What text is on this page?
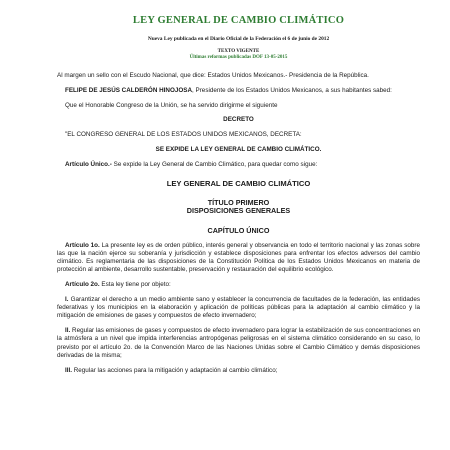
LEY GENERAL DE CAMBIO CLIMÁTICO
Nueva Ley publicada en el Diario Oficial de la Federación el 6 de junio de 2012
TEXTO VIGENTE
Últimas reformas publicadas DOF 13-05-2015

Al margen un sello con el Escudo Nacional, que dice: Estados Unidos Mexicanos.- Presidencia de la República.

FELIPE DE JESÚS CALDERÓN HINOJOSA, Presidente de los Estados Unidos Mexicanos, a sus habitantes sabed:

Que el Honorable Congreso de la Unión, se ha servido dirigirme el siguiente

DECRETO

"EL CONGRESO GENERAL DE LOS ESTADOS UNIDOS MEXICANOS, DECRETA:

SE EXPIDE LA LEY GENERAL DE CAMBIO CLIMÁTICO.

Artículo Único.- Se expide la Ley General de Cambio Climático, para quedar como sigue:

LEY GENERAL DE CAMBIO CLIMÁTICO

TÍTULO PRIMERO

DISPOSICIONES GENERALES

CAPÍTULO ÚNICO

Artículo 1o. La presente ley es de orden público, interés general y observancia en todo el territorio nacional y las zonas sobre las que la nación ejerce su soberanía y jurisdicción y establece disposiciones para enfrentar los efectos adversos del cambio climático. Es reglamentaria de las disposiciones de la Constitución Política de los Estados Unidos Mexicanos en materia de protección al ambiente, desarrollo sustentable, preservación y restauración del equilibrio ecológico.

Artículo 2o. Esta ley tiene por objeto:

I. Garantizar el derecho a un medio ambiente sano y establecer la concurrencia de facultades de la federación, las entidades federativas y los municipios en la elaboración y aplicación de políticas públicas para la adaptación al cambio climático y la mitigación de emisiones de gases y compuestos de efecto invernadero;

II. Regular las emisiones de gases y compuestos de efecto invernadero para lograr la estabilización de sus concentraciones en la atmósfera a un nivel que impida interferencias antropógenas peligrosas en el sistema climático considerando en su caso, lo previsto por el artículo 2o. de la Convención Marco de las Naciones Unidas sobre el Cambio Climático y demás disposiciones derivadas de la misma;

III. Regular las acciones para la mitigación y adaptación al cambio climático;
